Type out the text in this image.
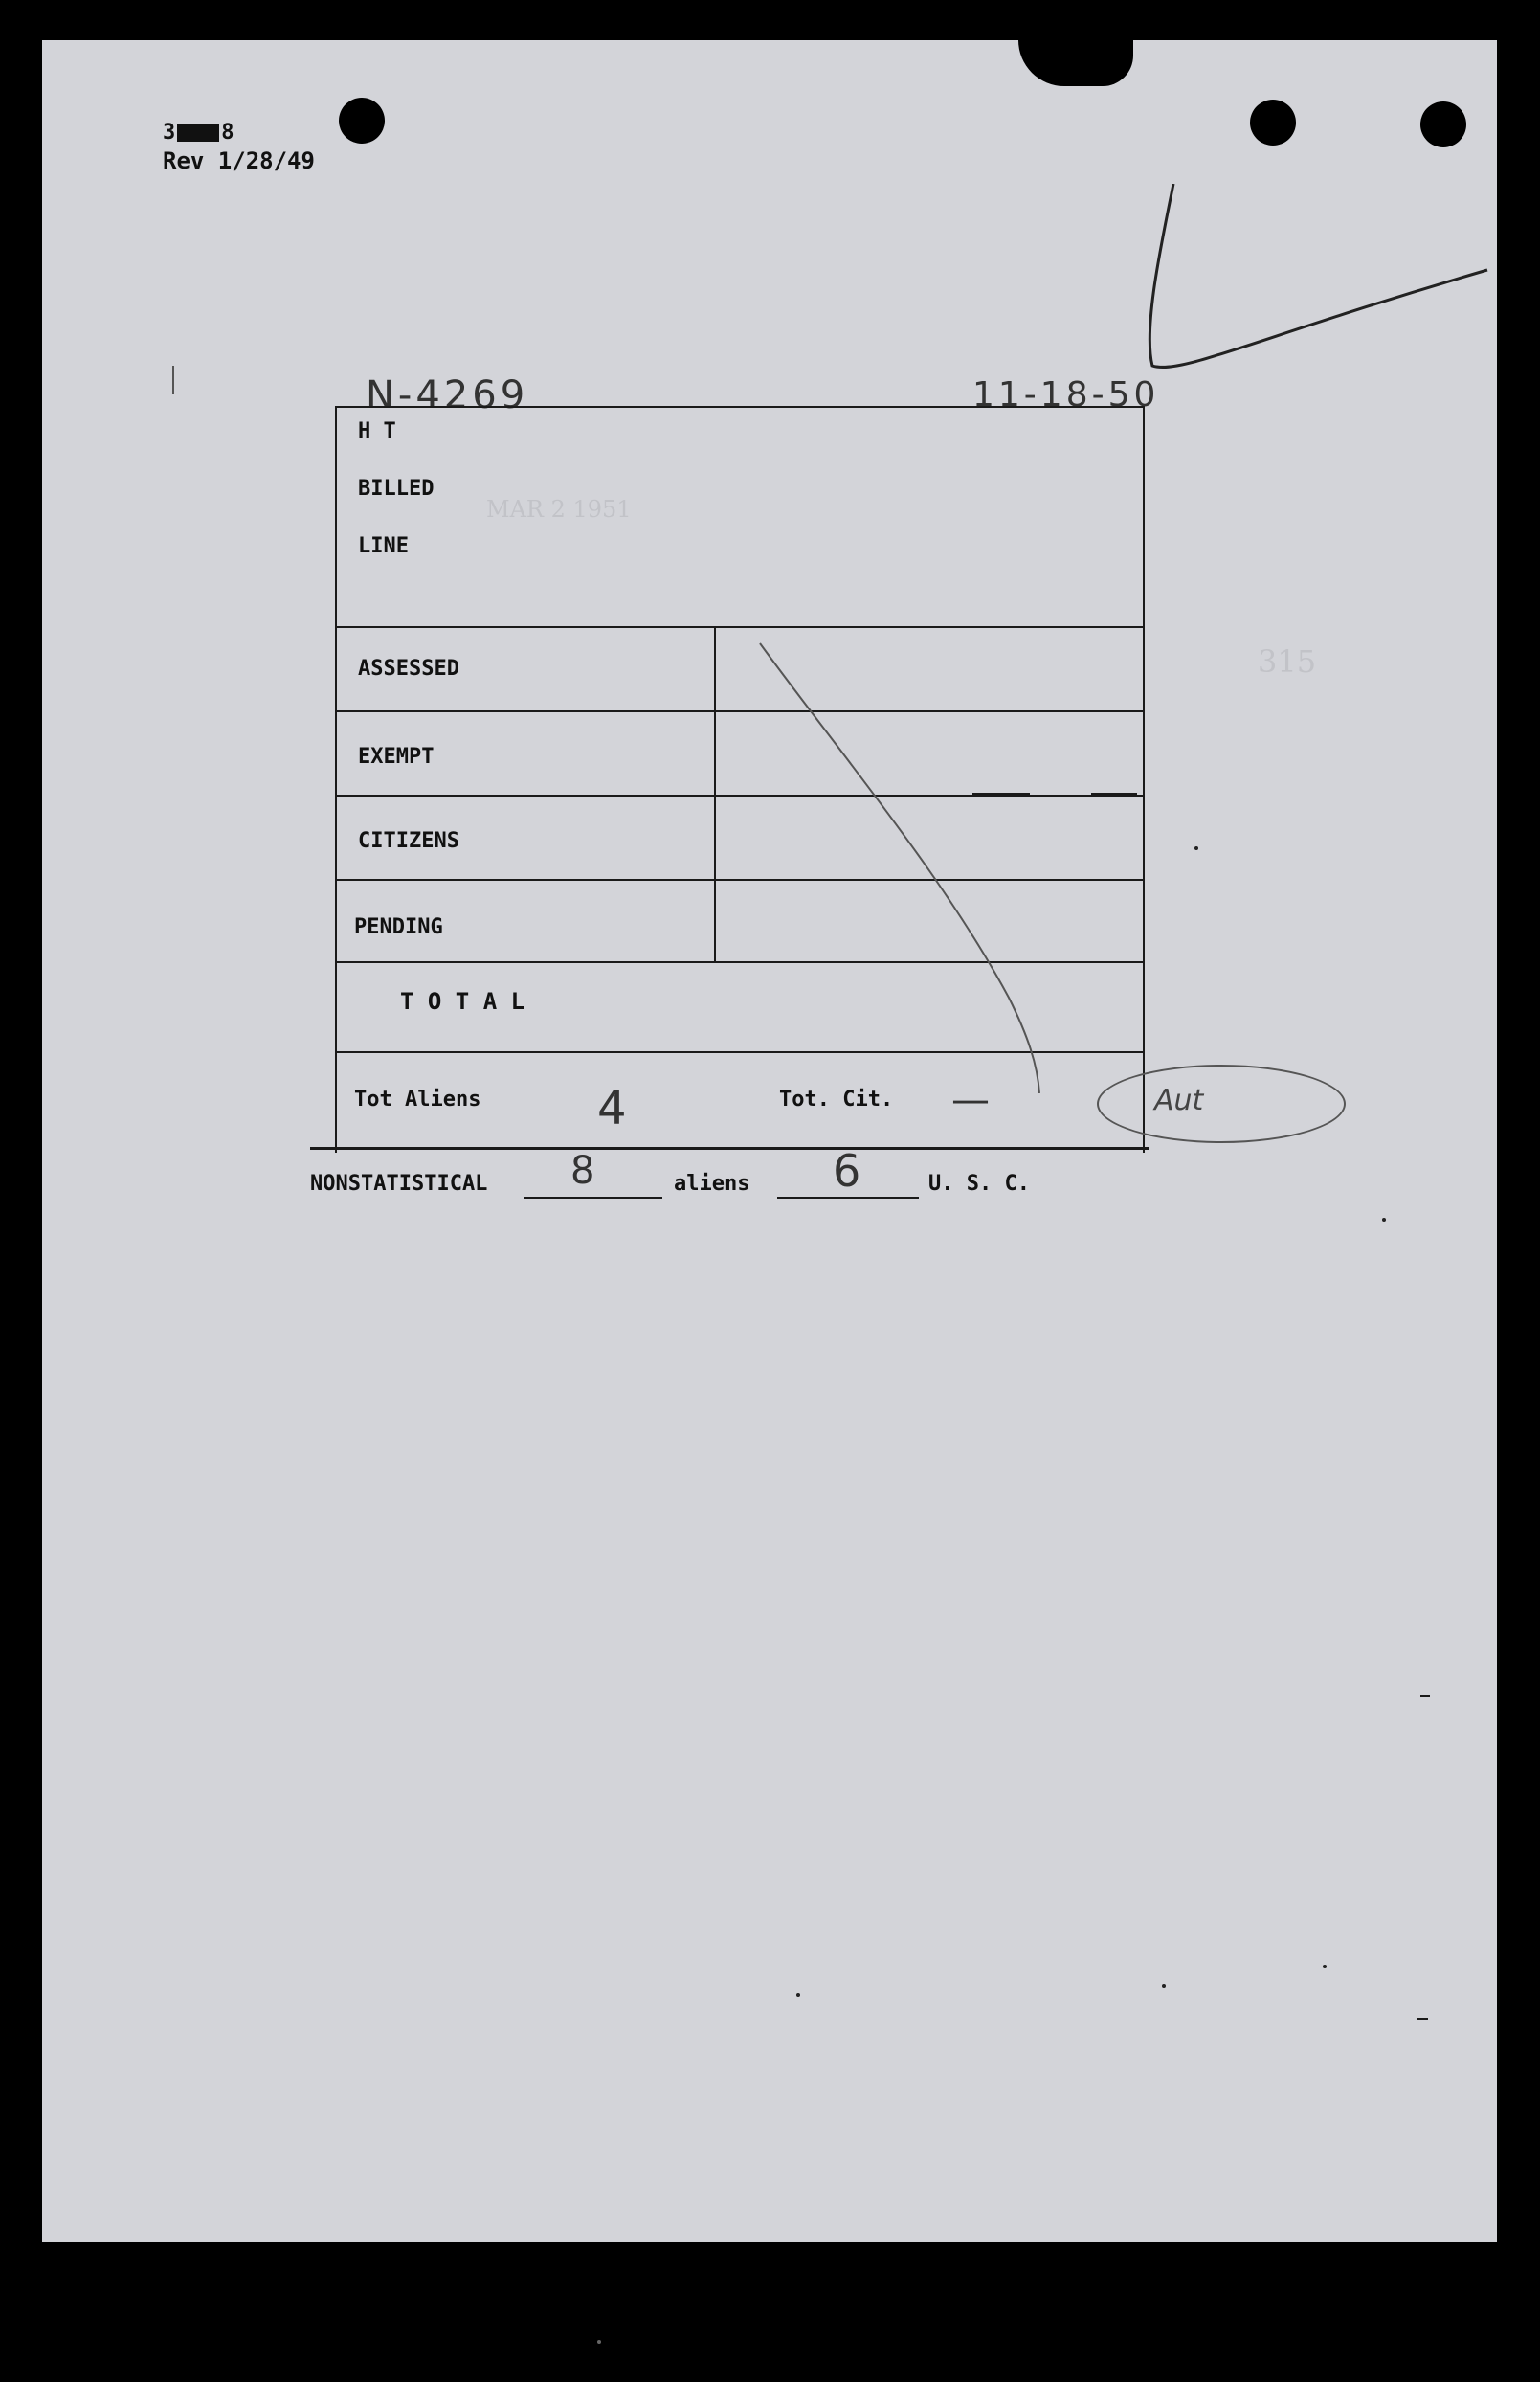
3 8
Rev 1/28/49
N-4269	11-18-50
H T
BILLED
LINE
MAR 2 1951
315
ASSESSED
EXEMPT
CITIZENS
PENDING
T O T A L
Tot Aliens	4	Tot. Cit. —	Aut
NONSTATISTICAL 8	aliens 6	U. S. C.
